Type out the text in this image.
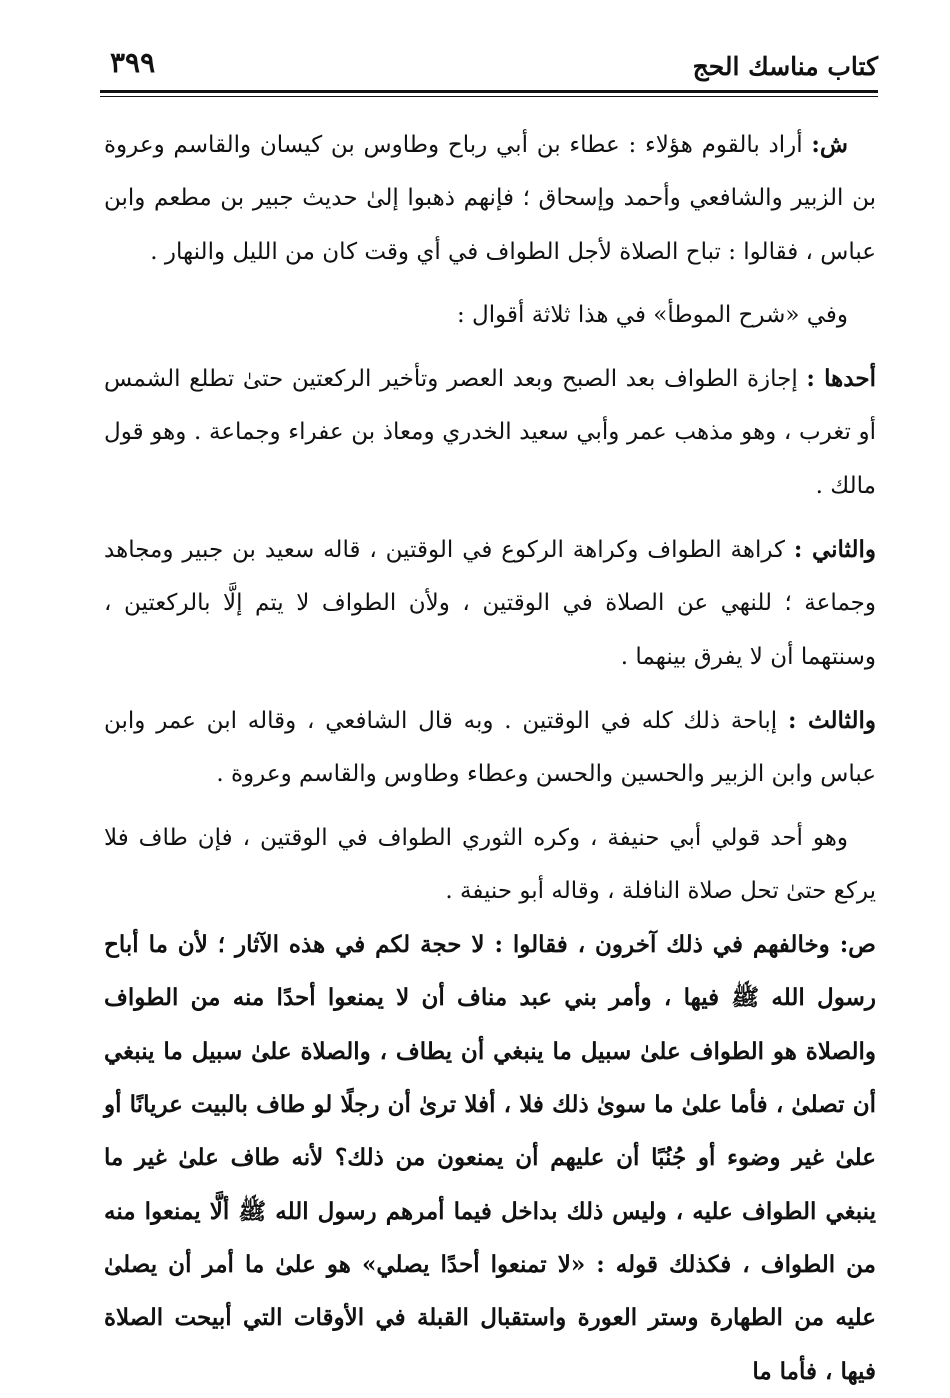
كتاب مناسك الحج
٣٩٩

ش: أراد بالقوم هؤلاء : عطاء بن أبي رباح وطاوس بن كيسان والقاسم وعروة بن الزبير والشافعي وأحمد وإسحاق ؛ فإنهم ذهبوا إلىٰ حديث جبير بن مطعم وابن عباس ، فقالوا : تباح الصلاة لأجل الطواف في أي وقت كان من الليل والنهار .

وفي «شرح الموطأ» في هذا ثلاثة أقوال :

أحدها : إجازة الطواف بعد الصبح وبعد العصر وتأخير الركعتين حتىٰ تطلع الشمس أو تغرب ، وهو مذهب عمر وأبي سعيد الخدري ومعاذ بن عفراء وجماعة . وهو قول مالك .

والثاني : كراهة الطواف وكراهة الركوع في الوقتين ، قاله سعيد بن جبير ومجاهد وجماعة ؛ للنهي عن الصلاة في الوقتين ، ولأن الطواف لا يتم إلَّا بالركعتين ، وسنتهما أن لا يفرق بينهما .

والثالث : إباحة ذلك كله في الوقتين . وبه قال الشافعي ، وقاله ابن عمر وابن عباس وابن الزبير والحسين والحسن وعطاء وطاوس والقاسم وعروة .

وهو أحد قولي أبي حنيفة ، وكره الثوري الطواف في الوقتين ، فإن طاف فلا يركع حتىٰ تحل صلاة النافلة ، وقاله أبو حنيفة .

ص: وخالفهم في ذلك آخرون ، فقالوا : لا حجة لكم في هذه الآثار ؛ لأن ما أباح رسول الله ﷺ فيها ، وأمر بني عبد مناف أن لا يمنعوا أحدًا منه من الطواف والصلاة هو الطواف علىٰ سبيل ما ينبغي أن يطاف ، والصلاة علىٰ سبيل ما ينبغي أن تصلىٰ ، فأما علىٰ ما سوىٰ ذلك فلا ، أفلا ترىٰ أن رجلًا لو طاف بالبيت عريانًا أو علىٰ غير وضوء أو جُنُبًا أن عليهم أن يمنعون من ذلك؟ لأنه طاف علىٰ غير ما ينبغي الطواف عليه ، وليس ذلك بداخل فيما أمرهم رسول الله ﷺ ألَّا يمنعوا منه من الطواف ، فكذلك قوله : «لا تمنعوا أحدًا يصلي» هو علىٰ ما أمر أن يصلىٰ عليه من الطهارة وستر العورة واستقبال القبلة في الأوقات التي أبيحت الصلاة فيها ، فأما ما
